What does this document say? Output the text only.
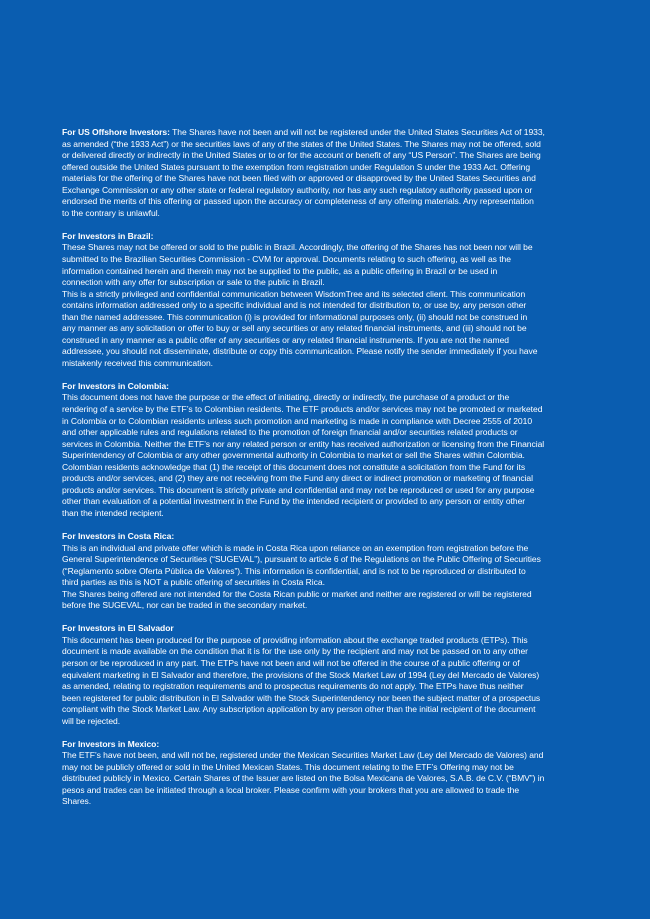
For US Offshore Investors: The Shares have not been and will not be registered under the United States Securities Act of 1933,
as amended (“the 1933 Act”) or the securities laws of any of the states of the United States. The Shares may not be offered, sold
or delivered directly or indirectly in the United States or to or for the account or benefit of any “US Person”. The Shares are being
offered outside the United States pursuant to the exemption from registration under Regulation S under the 1933 Act. Offering
materials for the offering of the Shares have not been filed with or approved or disapproved by the United States Securities and
Exchange Commission or any other state or federal regulatory authority, nor has any such regulatory authority passed upon or
endorsed the merits of this offering or passed upon the accuracy or completeness of any offering materials. Any representation
to the contrary is unlawful.
For Investors in Brazil:
These Shares may not be offered or sold to the public in Brazil. Accordingly, the offering of the Shares has not been nor will be
submitted to the Brazilian Securities Commission - CVM for approval. Documents relating to such offering, as well as the
information contained herein and therein may not be supplied to the public, as a public offering in Brazil or be used in
connection with any offer for subscription or sale to the public in Brazil.
This is a strictly privileged and confidential communication between WisdomTree and its selected client. This communication
contains information addressed only to a specific individual and is not intended for distribution to, or use by, any person other
than the named addressee. This communication (i) is provided for informational purposes only, (ii) should not be construed in
any manner as any solicitation or offer to buy or sell any securities or any related financial instruments, and (iii) should not be
construed in any manner as a public offer of any securities or any related financial instruments. If you are not the named
addressee, you should not disseminate, distribute or copy this communication. Please notify the sender immediately if you have
mistakenly received this communication.
For Investors in Colombia:
This document does not have the purpose or the effect of initiating, directly or indirectly, the purchase of a product or the
rendering of a service by the ETF’s to Colombian residents. The ETF products and/or services may not be promoted or marketed
in Colombia or to Colombian residents unless such promotion and marketing is made in compliance with Decree 2555 of 2010
and other applicable rules and regulations related to the promotion of foreign financial and/or securities related products or
services in Colombia. Neither the ETF’s nor any related person or entity has received authorization or licensing from the Financial
Superintendency of Colombia or any other governmental authority in Colombia to market or sell the Shares within Colombia.
Colombian residents acknowledge that (1) the receipt of this document does not constitute a solicitation from the Fund for its
products and/or services, and (2) they are not receiving from the Fund any direct or indirect promotion or marketing of financial
products and/or services. This document is strictly private and confidential and may not be reproduced or used for any purpose
other than evaluation of a potential investment in the Fund by the intended recipient or provided to any person or entity other
than the intended recipient.
For Investors in Costa Rica:
This is an individual and private offer which is made in Costa Rica upon reliance on an exemption from registration before the
General Superintendence of Securities (“SUGEVAL”), pursuant to article 6 of the Regulations on the Public Offering of Securities
(“Reglamento sobre Oferta Pública de Valores”). This information is confidential, and is not to be reproduced or distributed to
third parties as this is NOT a public offering of securities in Costa Rica.
The Shares being offered are not intended for the Costa Rican public or market and neither are registered or will be registered
before the SUGEVAL, nor can be traded in the secondary market.
For Investors in El Salvador
This document has been produced for the purpose of providing information about the exchange traded products (ETPs). This
document is made available on the condition that it is for the use only by the recipient and may not be passed on to any other
person or be reproduced in any part. The ETPs have not been and will not be offered in the course of a public offering or of
equivalent marketing in El Salvador and therefore, the provisions of the Stock Market Law of 1994 (Ley del Mercado de Valores)
as amended, relating to registration requirements and to prospectus requirements do not apply. The ETPs have thus neither
been registered for public distribution in El Salvador with the Stock Superintendency nor been the subject matter of a prospectus
compliant with the Stock Market Law. Any subscription application by any person other than the initial recipient of the document
will be rejected.
For Investors in Mexico:
The ETF’s have not been, and will not be, registered under the Mexican Securities Market Law (Ley del Mercado de Valores) and
may not be publicly offered or sold in the United Mexican States. This document relating to the ETF’s Offering may not be
distributed publicly in Mexico. Certain Shares of the Issuer are listed on the Bolsa Mexicana de Valores, S.A.B. de C.V. (“BMV”) in
pesos and trades can be initiated through a local broker. Please confirm with your brokers that you are allowed to trade the
Shares.
